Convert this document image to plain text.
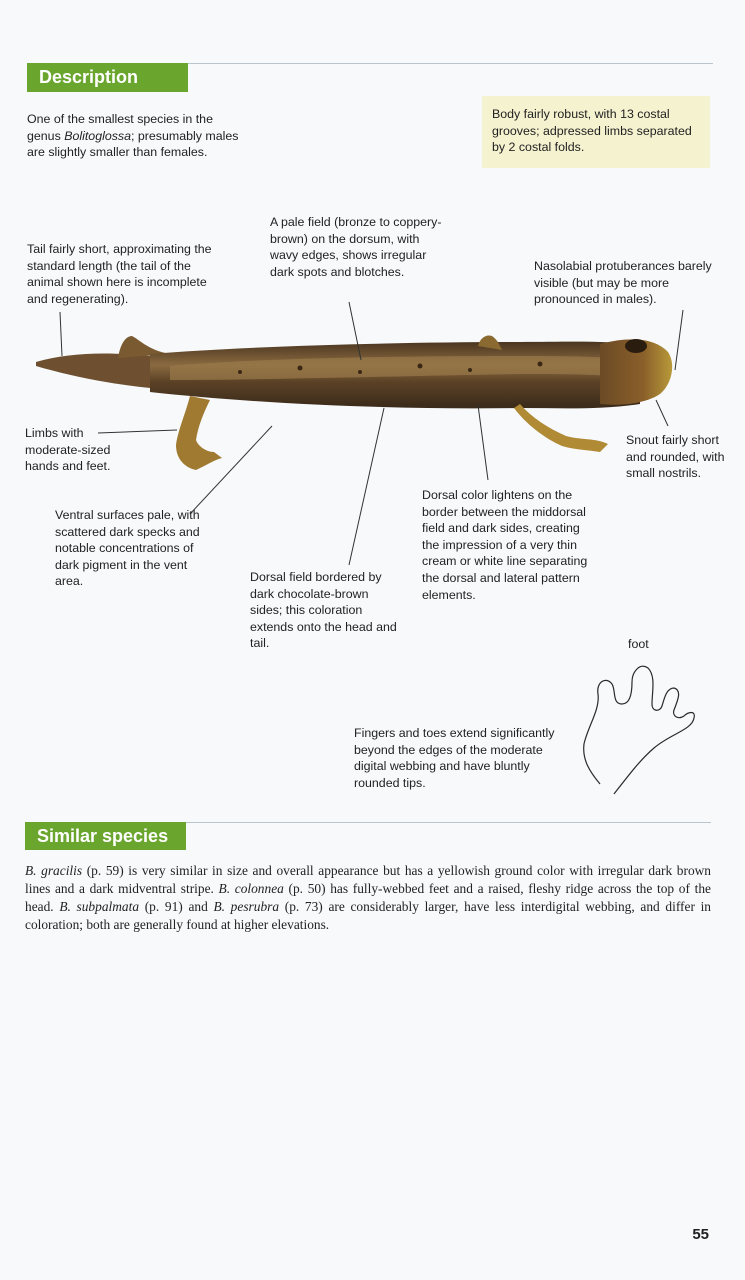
Description
One of the smallest species in the genus Bolitoglossa; presumably males are slightly smaller than females.
Body fairly robust, with 13 costal grooves; adpressed limbs separated by 2 costal folds.
Tail fairly short, approximating the standard length (the tail of the animal shown here is incomplete and regenerating).
A pale field (bronze to coppery-brown) on the dorsum, with wavy edges, shows irregular dark spots and blotches.	Nasolabial protuberances barely visible (but may be more pronounced in males).
Limbs with moderate-sized hands and feet.
Snout fairly short and rounded, with small nostrils.
Ventral surfaces pale, with scattered dark specks and notable concentrations of dark pigment in the vent area.	Dorsal field bordered by dark chocolate-brown sides; this coloration extends onto the head and tail.
Dorsal color lightens on the border between the middorsal field and dark sides, creating the impression of a very thin cream or white line separating the dorsal and lateral pattern elements.
foot
Fingers and toes extend significantly beyond the edges of the moderate digital webbing and have bluntly rounded tips.
Similar species
B. gracilis (p. 59) is very similar in size and overall appearance but has a yellowish ground color with irregular dark brown lines and a dark midventral stripe. B. colonnea (p. 50) has fully-webbed feet and a raised, fleshy ridge across the top of the head. B. subpalmata (p. 91) and B. pesrubra (p. 73) are considerably larger, have less interdigital webbing, and differ in coloration; both are generally found at higher elevations.
55
